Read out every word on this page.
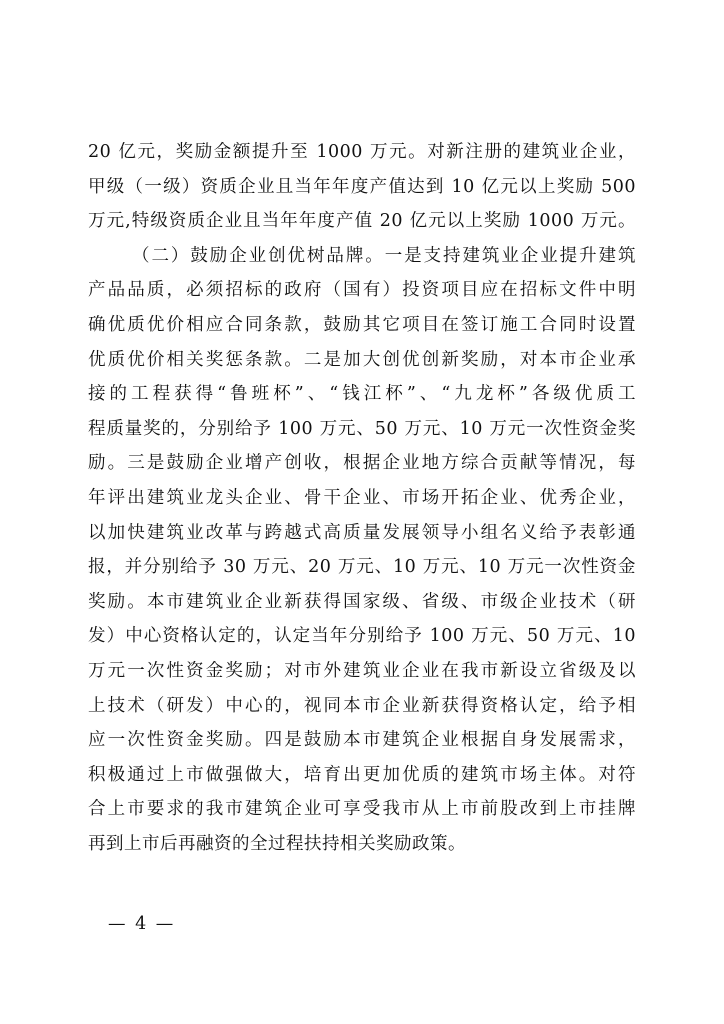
20 亿元，奖励金额提升至 1000 万元。对新注册的建筑业企业，
甲级（一级）资质企业且当年年度产值达到 10 亿元以上奖励 500
万元,特级资质企业且当年年度产值 20 亿元以上奖励 1000 万元。
（二）鼓励企业创优树品牌。一是支持建筑业企业提升建筑
产品品质，必须招标的政府（国有）投资项目应在招标文件中明
确优质优价相应合同条款，鼓励其它项目在签订施工合同时设置
优质优价相关奖惩条款。二是加大创优创新奖励，对本市企业承
接的工程获得“鲁班杯”、“钱江杯”、“九龙杯”各级优质工
程质量奖的，分别给予 100 万元、50 万元、10 万元一次性资金奖
励。三是鼓励企业增产创收，根据企业地方综合贡献等情况，每
年评出建筑业龙头企业、骨干企业、市场开拓企业、优秀企业，
以加快建筑业改革与跨越式高质量发展领导小组名义给予表彰通
报，并分别给予 30 万元、20 万元、10 万元、10 万元一次性资金
奖励。本市建筑业企业新获得国家级、省级、市级企业技术（研
发）中心资格认定的，认定当年分别给予 100 万元、50 万元、10
万元一次性资金奖励；对市外建筑业企业在我市新设立省级及以
上技术（研发）中心的，视同本市企业新获得资格认定，给予相
应一次性资金奖励。四是鼓励本市建筑企业根据自身发展需求，
积极通过上市做强做大，培育出更加优质的建筑市场主体。对符
合上市要求的我市建筑企业可享受我市从上市前股改到上市挂牌
再到上市后再融资的全过程扶持相关奖励政策。
— 4 —
